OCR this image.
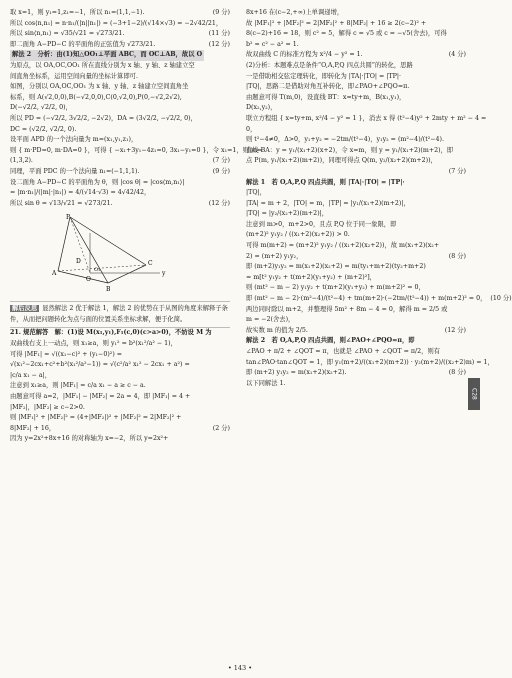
取 x=1，则 y₁=1,z₁=−1，所以 n₁=(1,1,−1).	(9 分)
所以 cos⟨n,n₁⟩ = n·n₁/(|n||n₁|) = (−3+1−2)/(√14×√3) = −2√42/21，
所以 sin⟨n,n₁⟩ = √35/√21 = √273/21.	(11 分)
即二面角 A−PD−C 的平面角的正弦值为 √273/21.	(12 分)
解法 2　分析：由(1)知△OO₁⊥平面 ABC，而 OC⊥AB，故以 O
为原点，以 OA,OC,OO₁ 所在直线分别为 x 轴、y 轴、z 轴建立空
间直角坐标系，运用空间向量的坐标计算即可.
如图，分别以 OA,OC,OO₁ 为 x 轴、y 轴、z 轴建立空间直角坐
标系，则 A(√2,0,0),B(−√2,0,0),C(0,√2,0),P(0,−√2,2√2),
D(−√2/2, √2/2, 0)，
所以 PD = (−√2/2, 3√2/2, −2√2)，DA = (3√2/2, −√2/2, 0)，
DC = (√2/2, √2/2, 0).
设平面 APD 的一个法向量为 m=(x₁,y₁,z₁)，
则 { m·PD=0, m·DA=0 }，可得 { −x₁+3y₁−4z₁=0, 3x₁−y₁=0 }，令 x₁=1，则 m=
(1,3,2).	(7 分)
同理，平面 PDC 的一个法向量 n₁=(−1,1,1).	(9 分)
设二面角 A−PD−C 的平面角为 θ，则 |cos θ| = |cos⟨m,n₁⟩|
= |m·n₁|/(|m|·|n₁|) = 4/(√14·√3) = 4√42/42，
所以 sin θ = √13/√21 = √273/21.	(12 分)
P
A
B
O
D	C
O₁	y
解后反思 显然解法 2 优于解法 1，解法 2 的优势在于从图的角度来解释子条件，从而把问题转化为点与面的位置关系坐标求解，便于化简。
21. 规范解答　解：(1)设 M(x₁,y₁),F₁(c,0)(c>a>0)，不妨设 M 为
双曲线右支上一动点，则 x₁≥a，则 y₁² = b²(x₁²/a² − 1)，
可得 |MF₁| = √((x₁−c)² + (y₁−0)²) =
√(x₁²−2cx₁+c²+b²(x₁²/a²−1)) = √(c²/a² x₁² − 2cx₁ + a²) =
|c/a x₁ − a|，
注意到 x₁≥a，则 |MF₁| = c/a x₁ − a ≥ c − a.
由题意可得 a=2，|MF₁| − |MF₂| = 2a = 4，即 |MF₁| = 4 +
|MF₂|，|MF₂| ≥ c−2>0.
则 |MF₁|² + |MF₂|² = (4+|MF₂|)² + |MF₂|² = 2|MF₂|² +
8|MF₂| + 16，	(2 分)
因为 y=2x²+8x+16 的对称轴为 x=−2，所以 y=2x²+
8x+16 在(c−2,+∞)上单调递增，
故 |MF₁|² + |MF₂|² = 2|MF₂|² + 8|MF₂| + 16 ≥ 2(c−2)² +
8(c−2)+16 = 18，则 c² = 5，解得 c = √5 或 c = −√5(舍去)，可得
b² = c² − a² = 1.
故双曲线 C 的标准方程为 x²/4 − y² = 1.	(4 分)
(2)分析：本题难点是条件“O,A,P,Q 四点共圆”的转化，思路
一是借助相交弦定理转化，即转化为 |TA|·|TO| = |TP|·
|TQ|，思路二是借助对角互补转化，即∠PAO+∠PQO=π.
由题意可得 T(m,0)，设直线 BT：x=ty+m，B(x₁,y₁)，
D(x₂,y₂)，
联立方程组 { x=ty+m, x²/4 − y² = 1 }，消去 x 得 (t²−4)y² + 2mty + m² − 4 =
0，
则 t²−4≠0，Δ>0，y₁+y₂ = −2tm/(t²−4)，y₁y₂ = (m²−4)/(t²−4).
直线 BA：y = y₁/(x₁+2)(x+2)，令 x=m，则 y = y₁/(x₁+2)(m+2)，即
点 P(m, y₁/(x₁+2)(m+2))，同理可得点 Q(m, y₂/(x₂+2)(m+2))，
(7 分)
解法 1　若 O,A,P,Q 四点共圆，则 |TA|·|TO| = |TP|·
|TQ|，
|TA| = m + 2，|TO| = m，|TP| = |y₁/(x₁+2)(m+2)|，
|TQ| = |y₂/(x₂+2)(m+2)|，
注意到 m>0，m+2>0，且点 P,Q 位于同一象限，即
(m+2)² y₁y₂ / ((x₁+2)(x₂+2)) > 0.
可得 m(m+2) = (m+2)² y₁y₂ / ((x₁+2)(x₂+2))，故 m(x₁+2)(x₂+
2) = (m+2) y₁y₂，	(8 分)
即 (m+2)y₁y₂ = m(x₁+2)(x₂+2) = m(ty₁+m+2)(ty₂+m+2)
= m[t² y₁y₂ + t(m+2)(y₁+y₂) + (m+2)²]，
则 (mt² − m − 2) y₁y₂ + t(m+2)(y₁+y₂) + m(m+2)² = 0，
即 (mt² − m − 2)·(m²−4)/(t²−4) + tm(m+2)·(−2tm/(t²−4)) + m(m+2)² = 0， (10 分)
两边同时除以 m+2，并整理得 5m² + 8m − 4 = 0，解得 m = 2/5 或
m = −2(舍去)，
故实数 m 的值为 2/5.	(12 分)
解法 2　若 O,A,P,Q 四点共圆，则∠PAO+∠PQO=π，即
∠PAO + π/2 + ∠QOT = π，也就是 ∠PAO + ∠QOT = π/2，则有
tan∠PAO·tan∠QOT = 1，即 y₁(m+2)/((x₁+2)(m+2)) · y₂(m+2)/((x₂+2)m) = 1，
即 (m+2) y₁y₂ = m(x₁+2)(x₂+2).	(8 分)
以下同解法 1.
C28
• 143 •
